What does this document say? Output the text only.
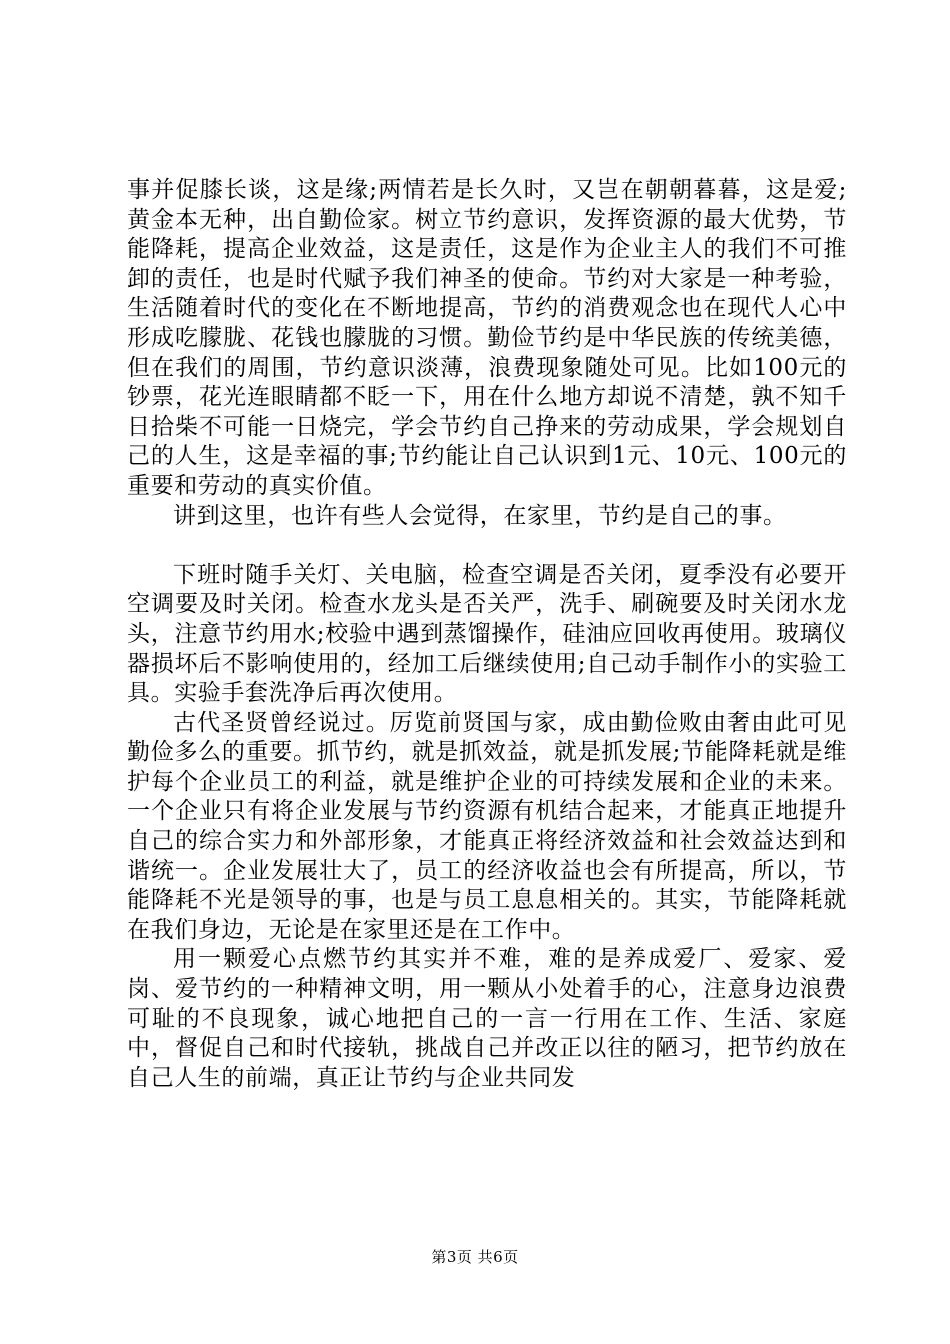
事并促膝长谈，这是缘;两情若是长久时，又岂在朝朝暮暮，这是爱;黄金本无种，出自勤俭家。树立节约意识，发挥资源的最大优势，节能降耗，提高企业效益，这是责任，这是作为企业主人的我们不可推卸的责任，也是时代赋予我们神圣的使命。节约对大家是一种考验，生活随着时代的变化在不断地提高，节约的消费观念也在现代人心中形成吃朦胧、花钱也朦胧的习惯。勤俭节约是中华民族的传统美德，但在我们的周围，节约意识淡薄，浪费现象随处可见。比如100元的钞票，花光连眼睛都不眨一下，用在什么地方却说不清楚，孰不知千日拾柴不可能一日烧完，学会节约自己挣来的劳动成果，学会规划自己的人生，这是幸福的事;节约能让自己认识到1元、10元、100元的重要和劳动的真实价值。

讲到这里，也许有些人会觉得，在家里，节约是自己的事。

下班时随手关灯、关电脑，检查空调是否关闭，夏季没有必要开空调要及时关闭。检查水龙头是否关严，洗手、刷碗要及时关闭水龙头，注意节约用水;校验中遇到蒸馏操作，硅油应回收再使用。玻璃仪器损坏后不影响使用的，经加工后继续使用;自己动手制作小的实验工具。实验手套洗净后再次使用。

古代圣贤曾经说过。厉览前贤国与家，成由勤俭败由奢由此可见勤俭多么的重要。抓节约，就是抓效益，就是抓发展;节能降耗就是维护每个企业员工的利益，就是维护企业的可持续发展和企业的未来。一个企业只有将企业发展与节约资源有机结合起来，才能真正地提升自己的综合实力和外部形象，才能真正将经济效益和社会效益达到和谐统一。企业发展壮大了，员工的经济收益也会有所提高，所以，节能降耗不光是领导的事，也是与员工息息相关的。其实，节能降耗就在我们身边，无论是在家里还是在工作中。

用一颗爱心点燃节约其实并不难，难的是养成爱厂、爱家、爱岗、爱节约的一种精神文明，用一颗从小处着手的心，注意身边浪费可耻的不良现象，诚心地把自己的一言一行用在工作、生活、家庭中，督促自己和时代接轨，挑战自己并改正以往的陋习，把节约放在自己人生的前端，真正让节约与企业共同发

第3页 共6页
